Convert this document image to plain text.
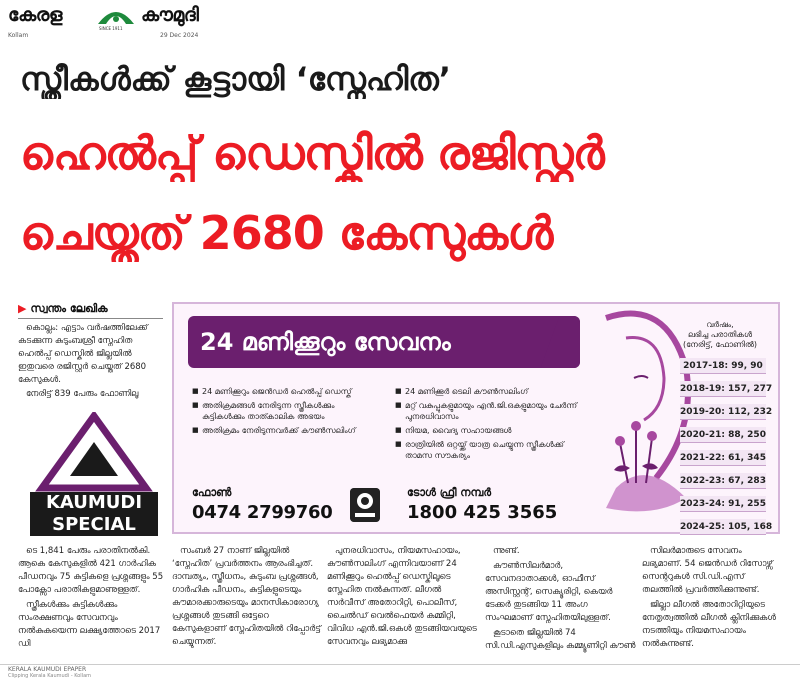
കേരള
SINCE 1911
കൗമുദി
Kollam	29 Dec 2024
സ്ത്രീകൾക്ക് കൂട്ടായി ‘സ്നേഹിത’
ഹെൽപ്പ് ഡെസ്കിൽ രജിസ്റ്റർ
ചെയ്തത് 2680 കേസുകൾ
▶ സ്വന്തം ലേഖിക

കൊല്ലം: എട്ടാം വർഷത്തിലേക്ക് കടക്കുന്ന കുടുംബശ്രീ സ്നേഹിത ഹെൽപ്പ് ഡെസ്കിൽ ജില്ലയിൽ ഇതുവരെ രജിസ്റ്റർ ചെയ്തത് 2680 കേസുകൾ.

നേരിട്ട് 839 പേരും ഫോണിലൂ

KAUMUDI
SPECIAL
24 മണിക്കൂറും സേവനം
■ 24 മണിക്കൂറും ജെൻഡർ ഹെൽപ്പ് ഡെസ്ക്
■ അതിക്രമങ്ങൾ നേരിടുന്ന സ്ത്രീകൾക്കും കുട്ടികൾക്കും താത്കാലിക അഭയം
■ അതിക്രമം നേരിടുന്നവർക്ക് കൗൺസലിംഗ്
■ 24 മണിക്കൂർ ടെലി കൗൺസലിംഗ്
■ മറ്റ് വകുപ്പുകളുമായും എൻ.ജി.ഒകളുമായും ചേർന്ന് പുനരധിവാസം
■ നിയമ, വൈദ്യ സഹായങ്ങൾ
■ രാത്രിയിൽ ഒറ്റയ്ക്ക് യാത്ര ചെയ്യുന്ന സ്ത്രീകൾക്ക് താമസ സൗകര്യം
ഫോൺ
0474 2799760
ടോൾ ഫ്രീ നമ്പർ
1800 425 3565
വർഷം,
ലഭിച്ച പരാതികൾ
(നേരിട്ട്, ഫോണിൽ)
2017-18: 99, 90
2018-19: 157, 277
2019-20: 112, 232
2020-21: 88, 250
2021-22: 61, 345
2022-23: 67, 283
2023-24: 91, 255
2024-25: 105, 168

ടെ 1,841 പേരും പരാതിനൽകി. ആകെ കേസുകളിൽ 421 ഗാർഹിക പീഡനവും 75 കുട്ടികളെ പ്രശ്നങ്ങളും 55 പോക്സോ പരാതികളുമാണുള്ളത്.

സ്ത്രീകൾക്കും കുട്ടികൾക്കും സംരക്ഷണവും സേവനവും നൽകുകയെന്ന ലക്ഷ്യത്തോടെ 2017 ഡി

സംബർ 27 നാണ് ജില്ലയിൽ ‘സ്നേഹിത’ പ്രവർത്തനം ആരംഭിച്ചത്. ദാമ്പത്യം, സ്ത്രീധനം, കുടുംബ പ്രശ്നങ്ങൾ, ഗാർഹിക പീഡനം, കുട്ടികളുടെയും കൗമാരക്കാരുടെയും മാനസികാരോഗ്യ പ്രശ്നങ്ങൾ തുടങ്ങി ഒട്ടേറെ കേസുകളാണ് സ്നേഹിതയിൽ റിപ്പോർട്ട് ചെയ്യുന്നത്.

പുനരധിവാസം, നിയമസഹായം, കൗൺസലിംഗ് എന്നിവയാണ് 24 മണിക്കൂറും ഹെൽപ്പ് ഡെസ്കിലൂടെ സ്നേഹിത നൽകുന്നത്. ലീഗൽ സർവീസ് അതോറിറ്റി, പൊലീസ്, ചൈൽഡ് വെൽഫെയർ കമ്മിറ്റി, വിവിധ എൻ.ജി.ഒകൾ തുടങ്ങിയവയുടെ സേവനവും ലഭ്യമാക്കു

ന്നുണ്ട്.

കൗൺസിലർമാർ, സേവനദാതാക്കൾ, ഓഫീസ് അസിസ്റ്റന്റ്, സെക്യൂരിറ്റി, കെയർ ടേക്കർ തുടങ്ങിയ 11 അംഗ സംഘമാണ് സ്നേഹിതയിലുള്ളത്.

കൂടാതെ ജില്ലയിൽ 74 സി.ഡി.എസുകളിലും കമ്മ്യൂണിറ്റി കൗൺ

സിലർമാരുടെ സേവനം ലഭ്യമാണ്. 54 ജെൻഡർ റിസോഴ്സ് സെന്ററുകൾ സി.ഡി.എസ് തലത്തിൽ പ്രവർത്തിക്കുന്നുണ്ട്.

ജില്ലാ ലീഗൽ അതോറിറ്റിയുടെ നേതൃത്വത്തിൽ ലീഗൽ ക്ലിനിക്കുകൾ നടത്തിയും നിയമസഹായം നൽകുന്നുണ്ട്.

KERALA KAUMUDI EPAPER
Clipping Kerala Kaumudi - Kollam
